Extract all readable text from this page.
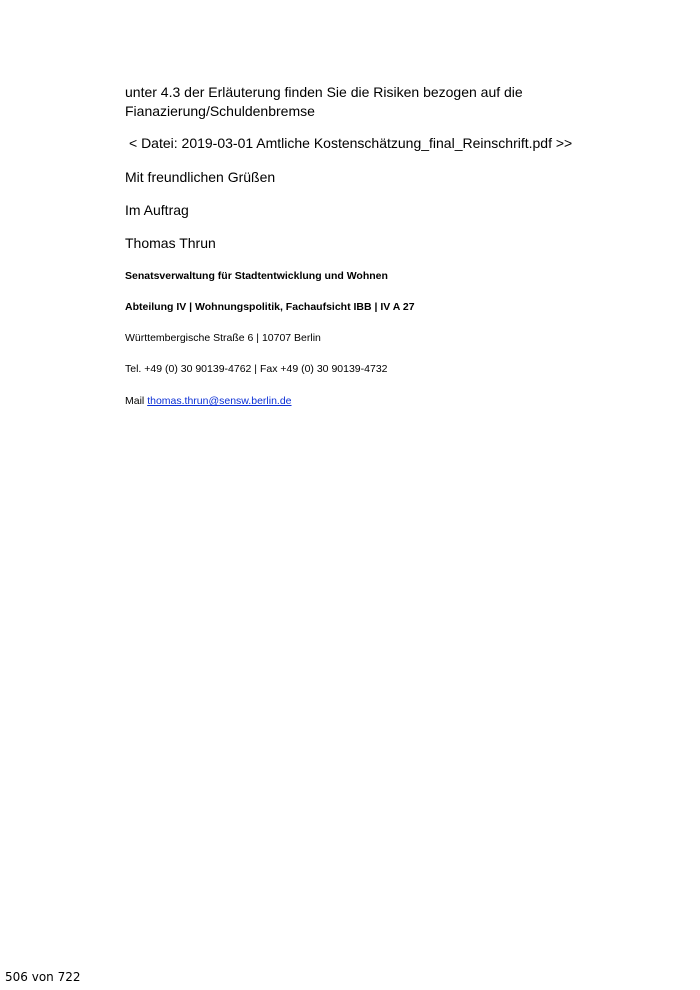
unter 4.3 der Erläuterung finden Sie die Risiken bezogen auf die Fianazierung/Schuldenbremse
< Datei: 2019-03-01 Amtliche Kostenschätzung_final_Reinschrift.pdf >>
Mit freundlichen Grüßen
Im Auftrag
Thomas Thrun
Senatsverwaltung für Stadtentwicklung und Wohnen
Abteilung IV | Wohnungspolitik, Fachaufsicht IBB | IV A 27
Württembergische Straße 6 | 10707 Berlin
Tel. +49 (0) 30 90139-4762 | Fax +49 (0) 30 90139-4732
Mail thomas.thrun@sensw.berlin.de
506 von 722
